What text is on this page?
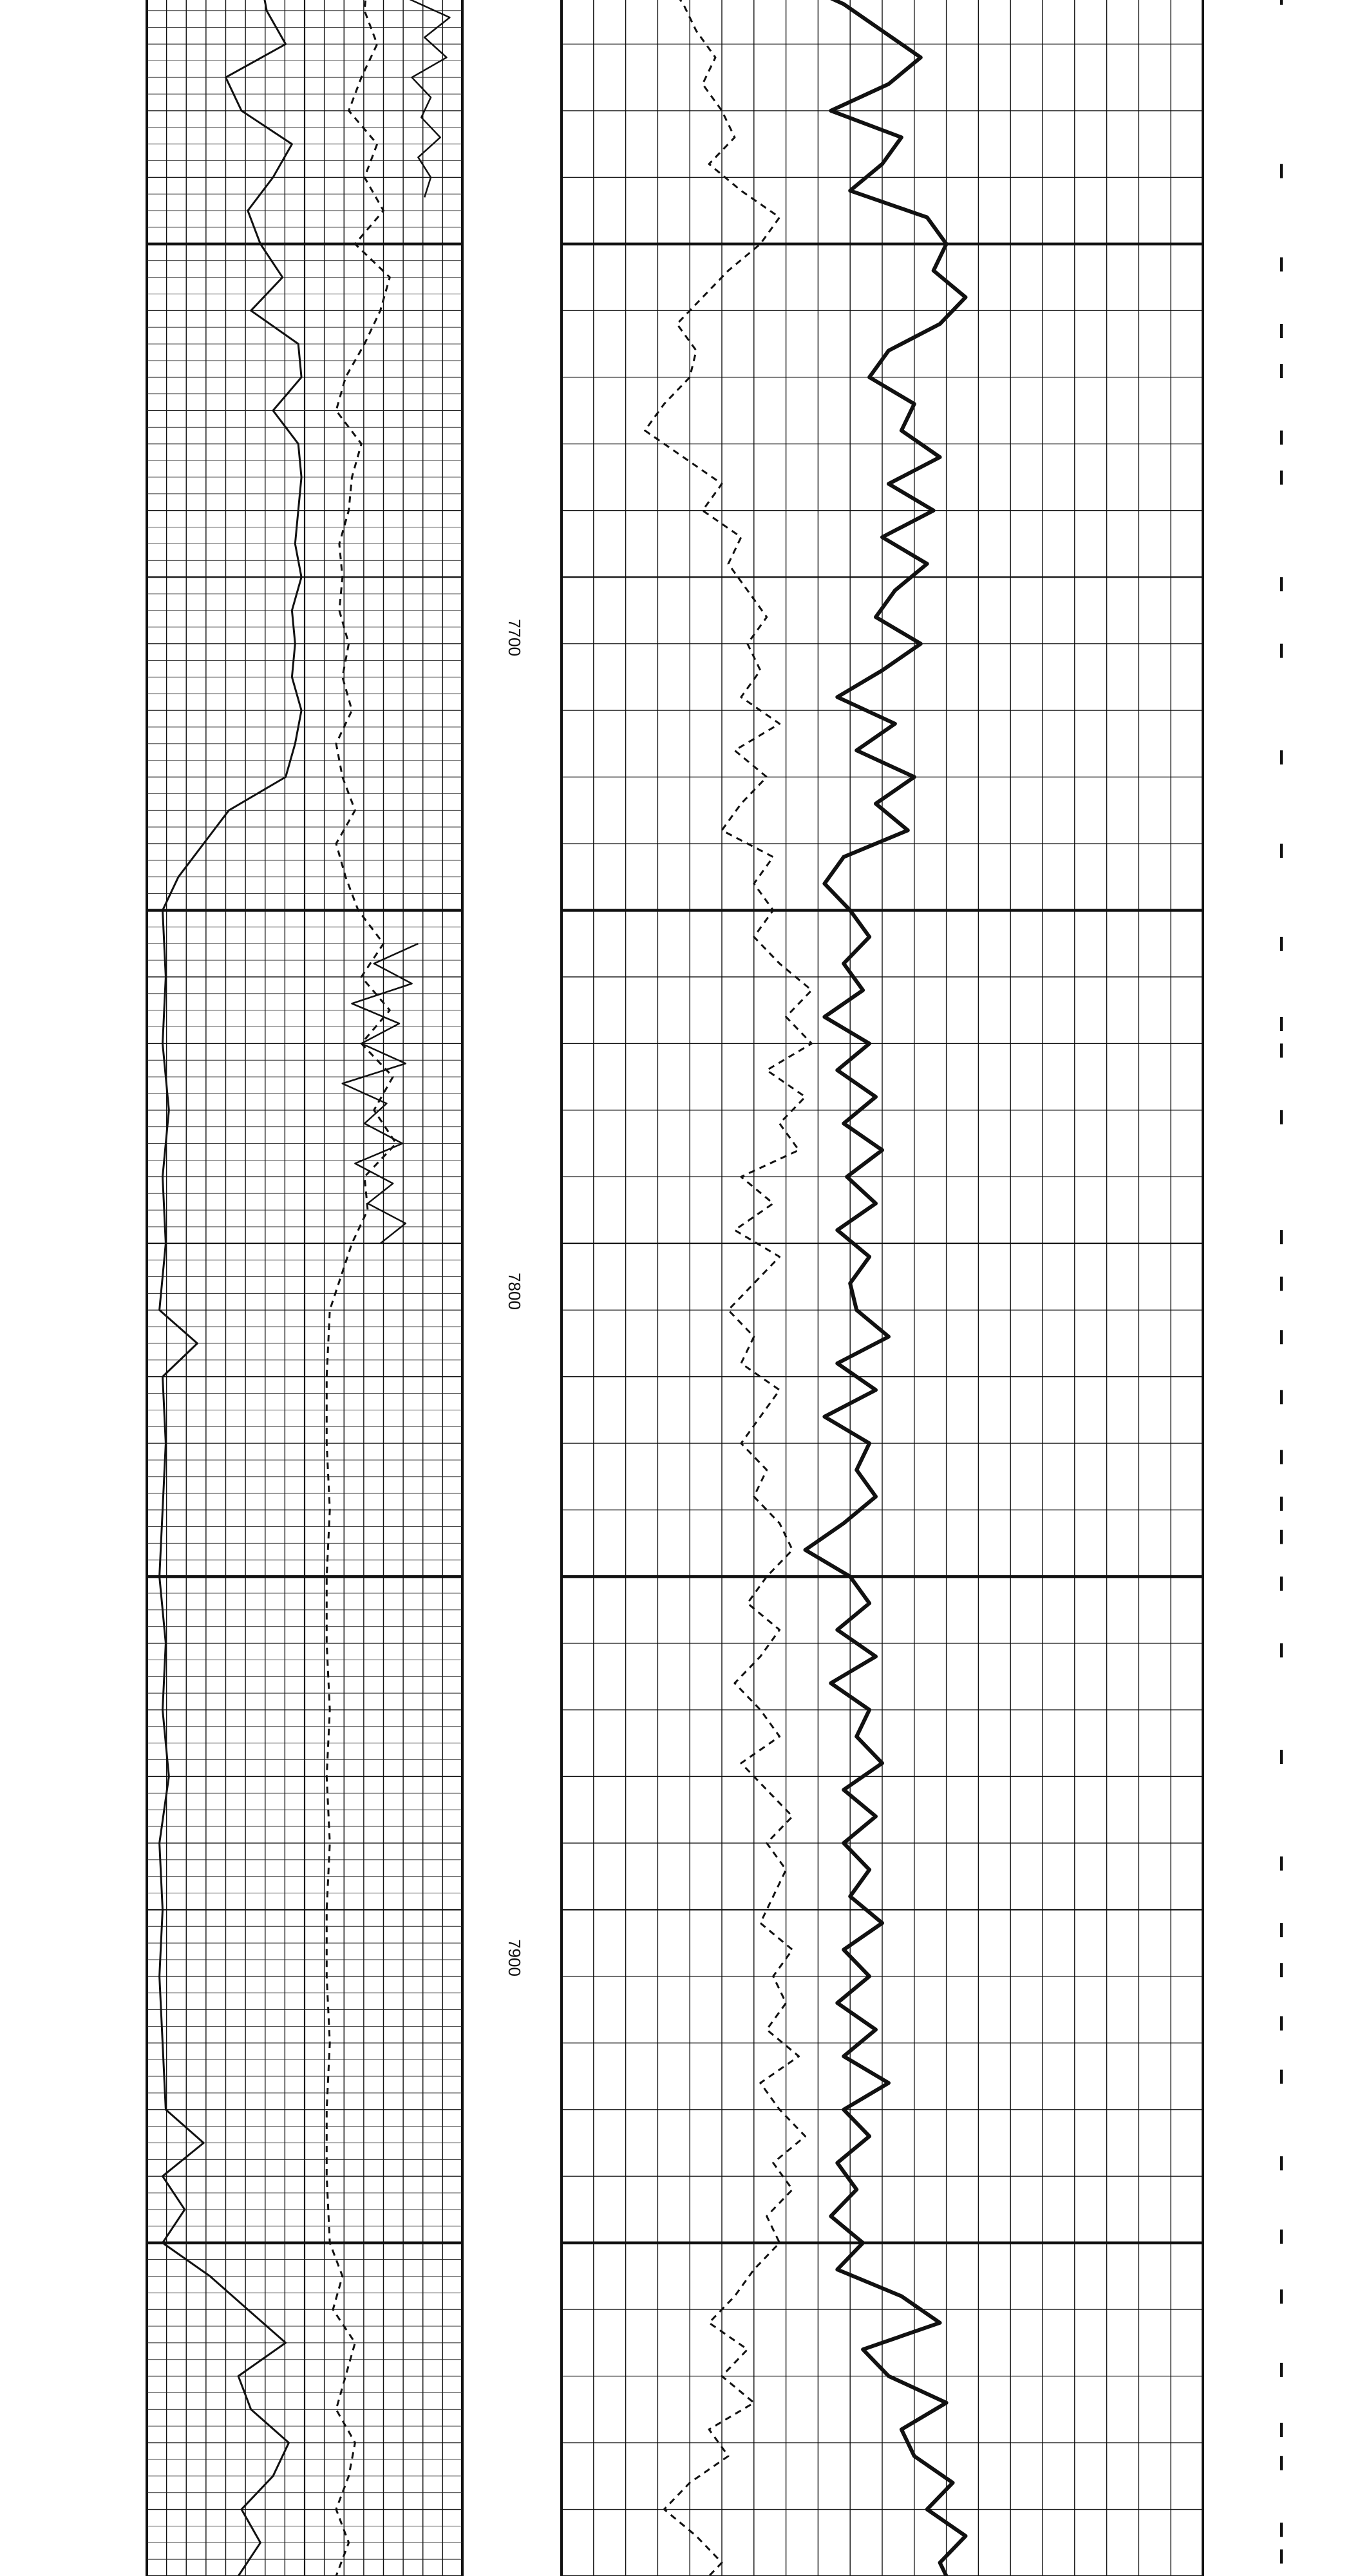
7700
7800
7900
